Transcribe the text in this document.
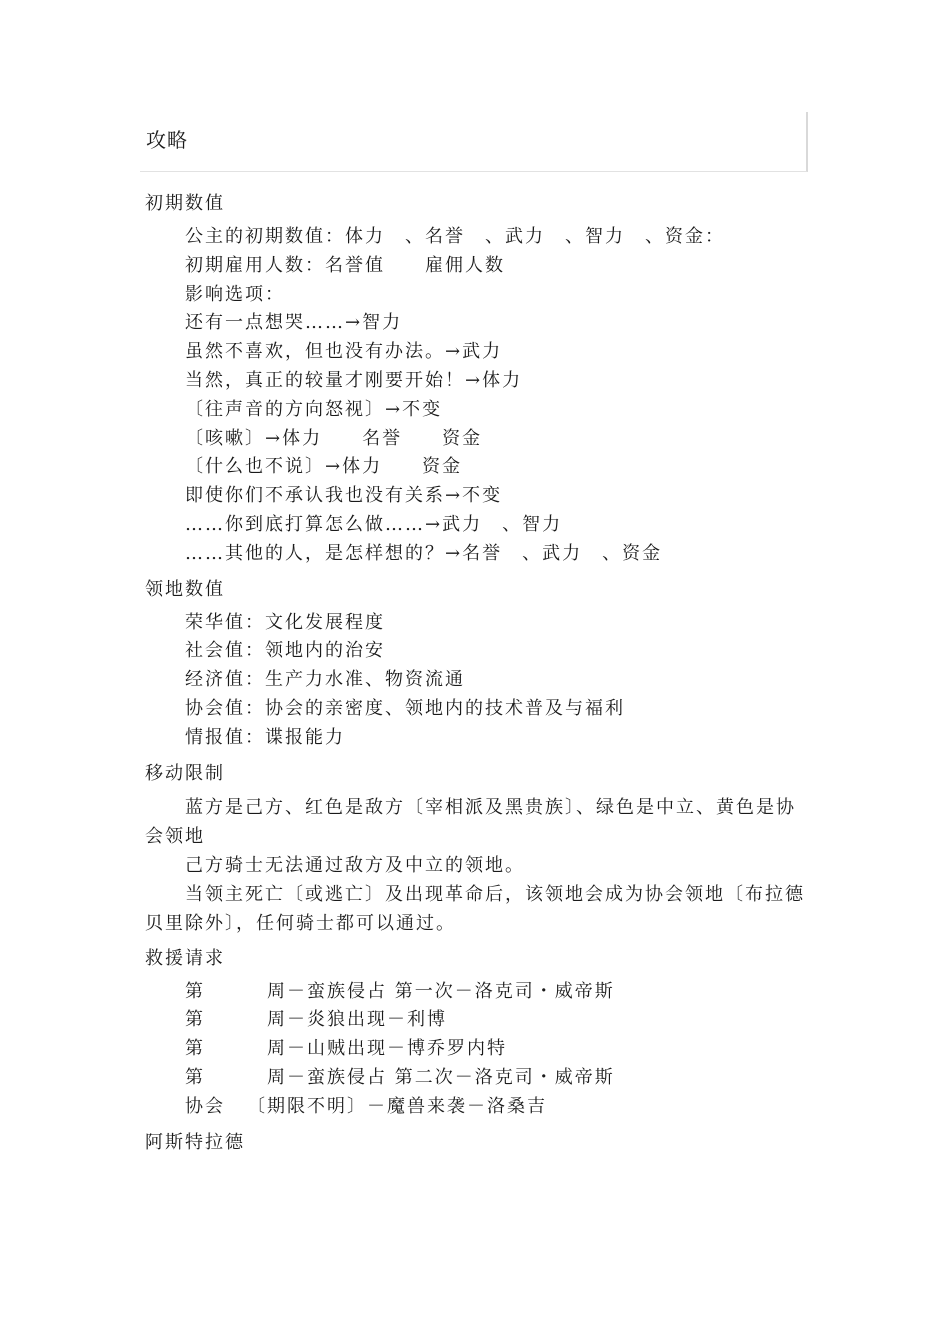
攻略
初期数值
公主的初期数值：体力　、名誉　、武力　、智力　、资金：
初期雇用人数：名誉值　　雇佣人数
影响选项：
还有一点想哭……→智力
虽然不喜欢，但也没有办法。→武力
当然，真正的较量才刚要开始！→体力
〔往声音的方向怒视〕→不变
〔咳嗽〕→体力　　名誉　　资金
〔什么也不说〕→体力　　资金
即使你们不承认我也没有关系→不变
……你到底打算怎么做……→武力　、智力
……其他的人，是怎样想的？→名誉　、武力　、资金
领地数值
荣华值：文化发展程度
社会值：领地内的治安
经济值：生产力水准、物资流通
协会值：协会的亲密度、领地内的技术普及与福利
情报值：谍报能力
移动限制

蓝方是己方、红色是敌方〔宰相派及黑贵族〕、绿色是中立、黄色是协会领地

己方骑士无法通过敌方及中立的领地。

当领主死亡〔或逃亡〕及出现革命后，该领地会成为协会领地〔布拉德贝里除外〕，任何骑士都可以通过。

救援请求
第	周－蛮族侵占 第一次－洛克司・威帝斯
第	周－炎狼出现－利博
第	周－山贼出现－博乔罗内特
第	周－蛮族侵占 第二次－洛克司・威帝斯
协会 〔期限不明〕－魔兽来袭－洛桑吉
阿斯特拉德
